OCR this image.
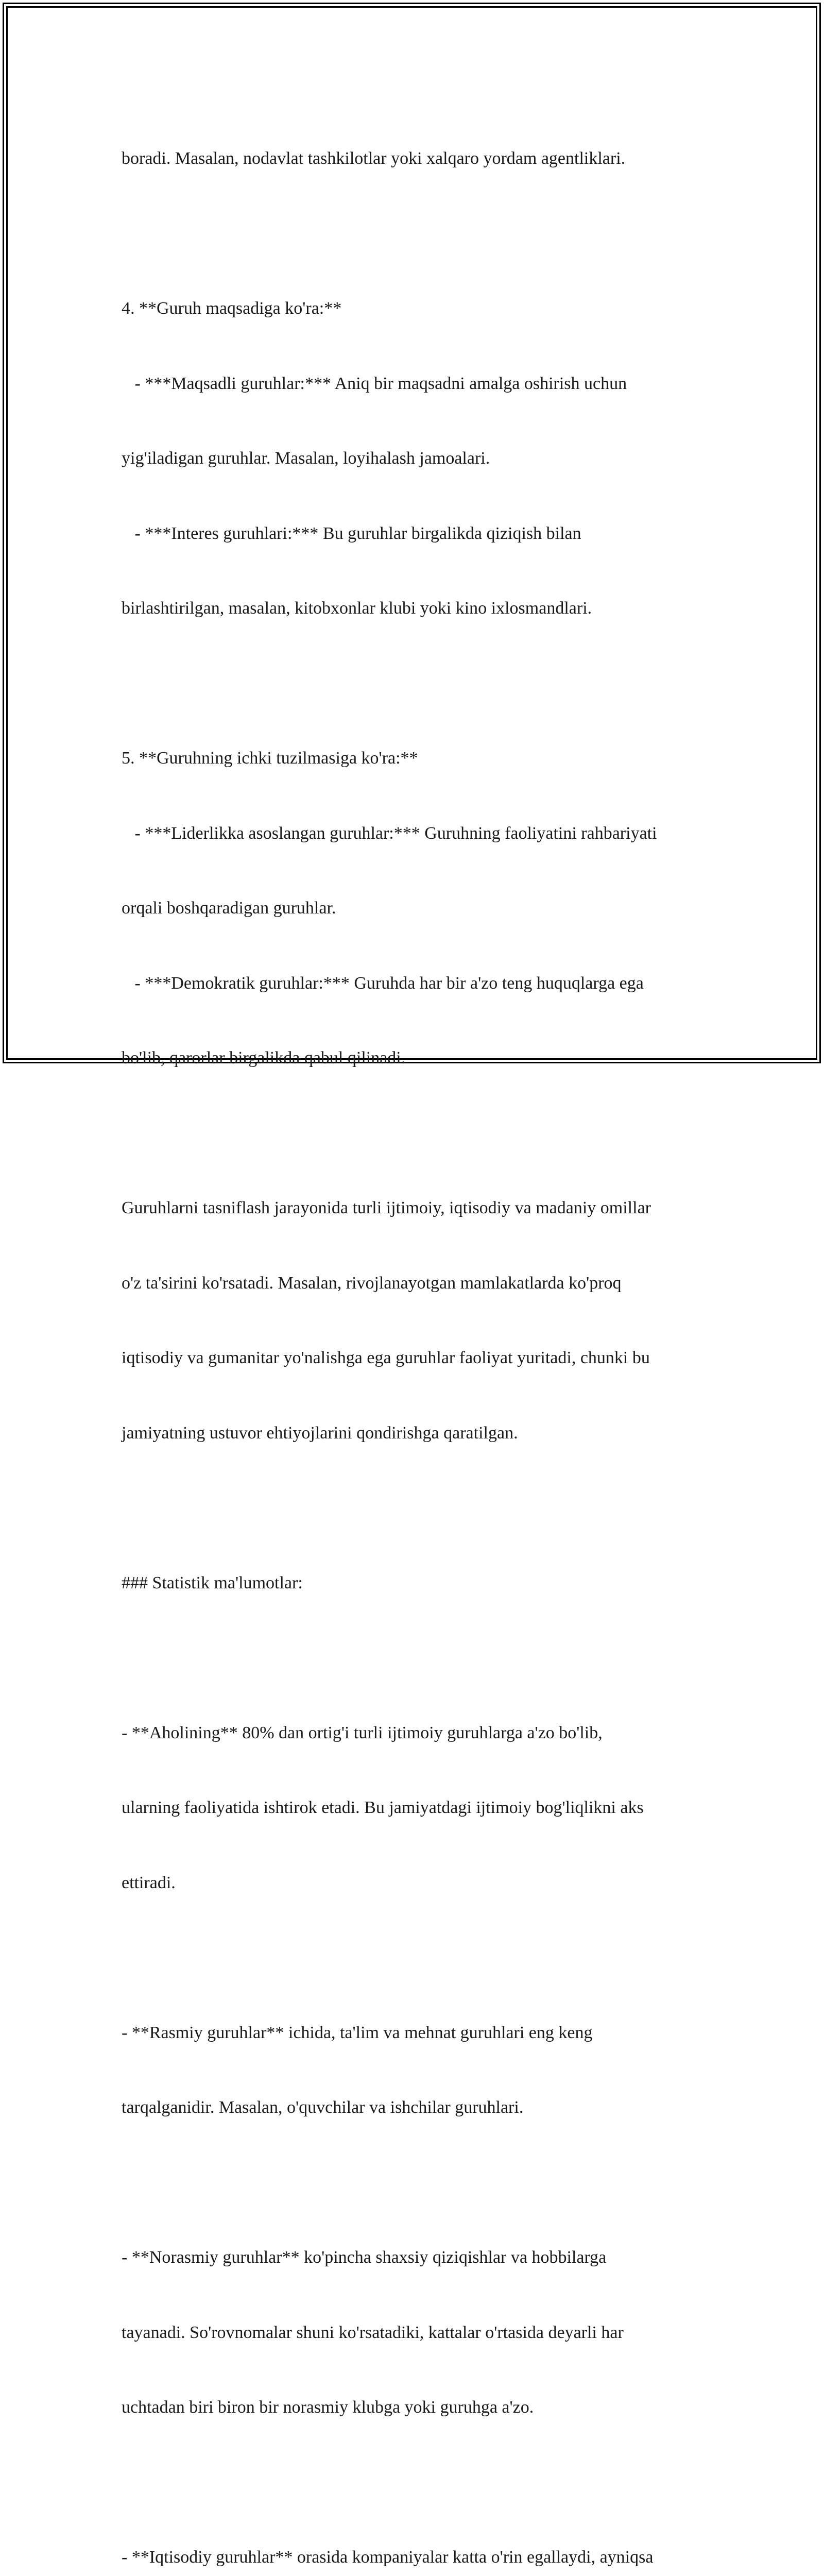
boradi. Masalan, nodavlat tashkilotlar yoki xalqaro yordam agentliklari.

4. **Guruh maqsadiga ko'ra:**

- ***Maqsadli guruhlar:*** Aniq bir maqsadni amalga oshirish uchun

yig'iladigan guruhlar. Masalan, loyihalash jamoalari.

- ***Interes guruhlari:*** Bu guruhlar birgalikda qiziqish bilan

birlashtirilgan, masalan, kitobxonlar klubi yoki kino ixlosmandlari.

5. **Guruhning ichki tuzilmasiga ko'ra:**

- ***Liderlikka asoslangan guruhlar:*** Guruhning faoliyatini rahbariyati

orqali boshqaradigan guruhlar.

- ***Demokratik guruhlar:*** Guruhda har bir a'zo teng huquqlarga ega

bo'lib, qarorlar birgalikda qabul qilinadi.

Guruhlarni tasniflash jarayonida turli ijtimoiy, iqtisodiy va madaniy omillar

o'z ta'sirini ko'rsatadi. Masalan, rivojlanayotgan mamlakatlarda ko'proq

iqtisodiy va gumanitar yo'nalishga ega guruhlar faoliyat yuritadi, chunki bu

jamiyatning ustuvor ehtiyojlarini qondirishga qaratilgan.

### Statistik ma'lumotlar:

- **Aholining** 80% dan ortig'i turli ijtimoiy guruhlarga a'zo bo'lib,

ularning faoliyatida ishtirok etadi. Bu jamiyatdagi ijtimoiy bog'liqlikni aks

ettiradi.

- **Rasmiy guruhlar** ichida, ta'lim va mehnat guruhlari eng keng

tarqalganidir. Masalan, o'quvchilar va ishchilar guruhlari.

- **Norasmiy guruhlar** ko'pincha shaxsiy qiziqishlar va hobbilarga

tayanadi. So'rovnomalar shuni ko'rsatadiki, kattalar o'rtasida deyarli har

uchtadan biri biron bir norasmiy klubga yoki guruhga a'zo.

- **Iqtisodiy guruhlar** orasida kompaniyalar katta o'rin egallaydi, ayniqsa
